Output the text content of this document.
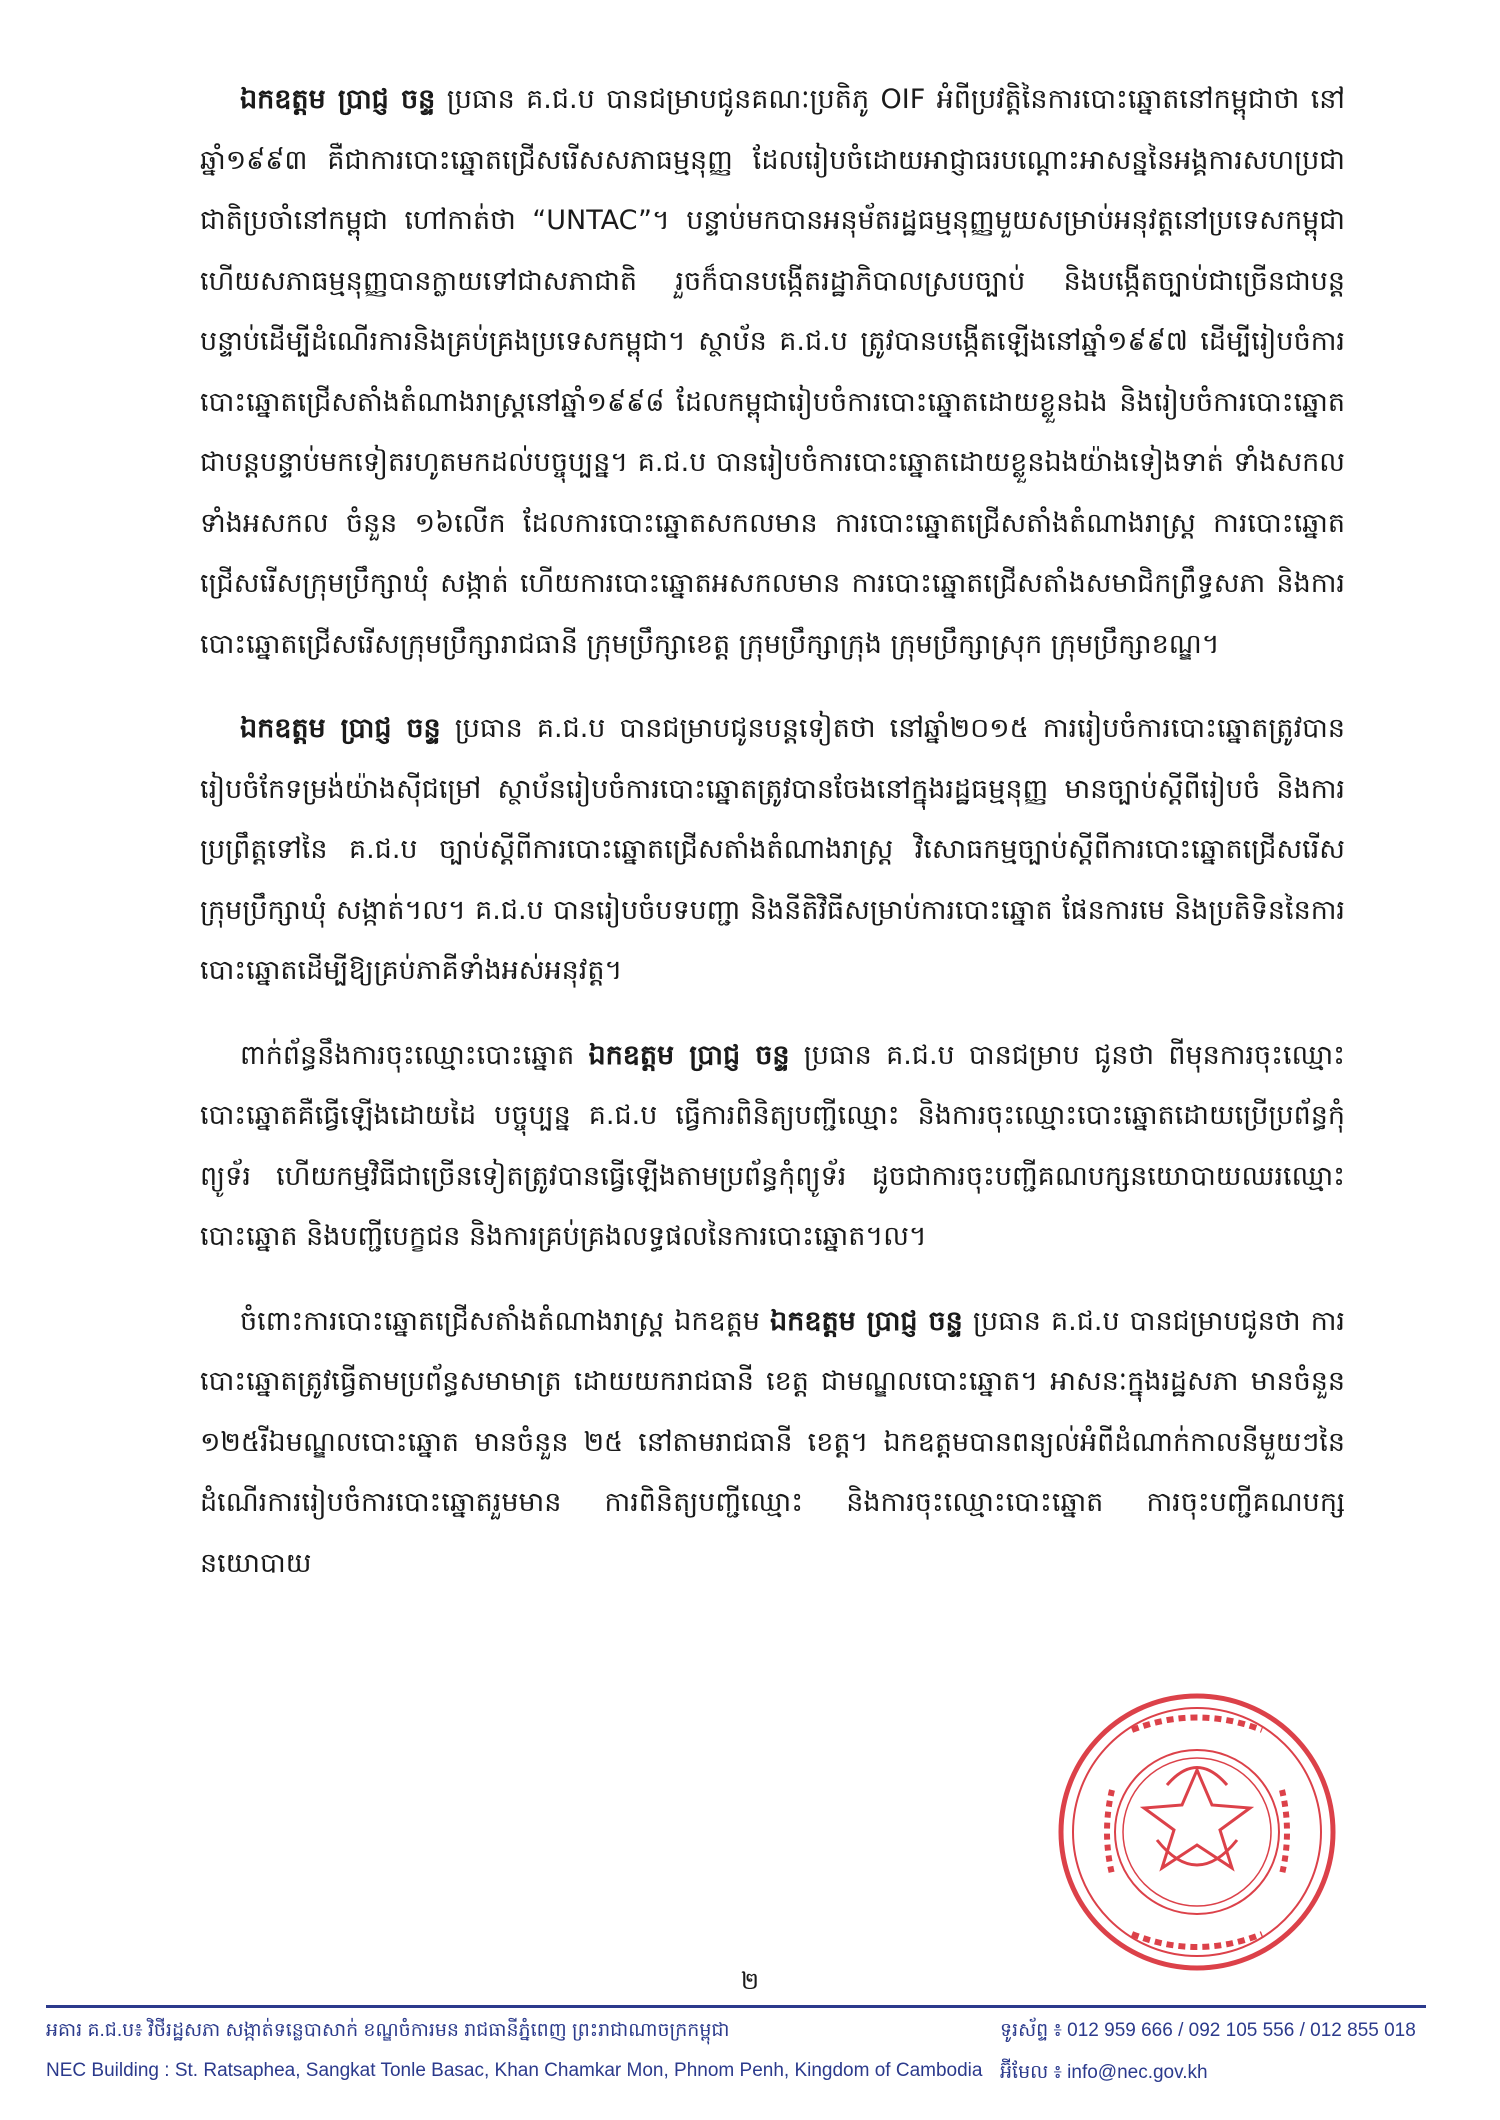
ឯកឧត្តម ប្រាជ្ញ ចន្ទ ប្រធាន គ.ជ.ប បានជម្រាបជូនគណៈប្រតិភូ OIF អំពីប្រវត្តិនៃការបោះឆ្នោតនៅកម្ពុជាថា នៅឆ្នាំ១៩៩៣ គឺជាការបោះឆ្នោតជ្រើសរើសសភាធម្មនុញ្ញ ដែលរៀបចំដោយអាជ្ញាធរបណ្ដោះអាសន្ននៃអង្គការសហប្រជាជាតិប្រចាំនៅកម្ពុជា ហៅកាត់ថា “UNTAC”។ បន្ទាប់មកបានអនុម័តរដ្ឋធម្មនុញ្ញមួយសម្រាប់អនុវត្តនៅប្រទេសកម្ពុជា ហើយសភាធម្មនុញ្ញបានក្លាយទៅជាសភាជាតិ រួចក៏បានបង្កើតរដ្ឋាភិបាលស្របច្បាប់ និងបង្កើតច្បាប់ជាច្រើនជាបន្តបន្ទាប់ដើម្បីដំណើរការនិងគ្រប់គ្រងប្រទេសកម្ពុជា។ ស្ថាប័ន គ.ជ.ប ត្រូវបានបង្កើតឡើងនៅឆ្នាំ១៩៩៧ ដើម្បីរៀបចំការបោះឆ្នោតជ្រើសតាំងតំណាងរាស្ត្រនៅឆ្នាំ១៩៩៨ ដែលកម្ពុជារៀបចំការបោះឆ្នោតដោយខ្លួនឯង និងរៀបចំការបោះឆ្នោតជាបន្តបន្ទាប់មកទៀតរហូតមកដល់បច្ចុប្បន្ន។ គ.ជ.ប បានរៀបចំការបោះឆ្នោតដោយខ្លួនឯងយ៉ាងទៀងទាត់ ទាំងសកល ទាំងអសកល ចំនួន ១៦លើក ដែលការបោះឆ្នោតសកលមាន ការបោះឆ្នោតជ្រើសតាំងតំណាងរាស្ត្រ ការបោះឆ្នោតជ្រើសរើសក្រុមប្រឹក្សាឃុំ សង្កាត់ ហើយការបោះឆ្នោតអសកលមាន ការបោះឆ្នោតជ្រើសតាំងសមាជិកព្រឹទ្ធសភា និងការបោះឆ្នោតជ្រើសរើសក្រុមប្រឹក្សារាជធានី ក្រុមប្រឹក្សាខេត្ត ក្រុមប្រឹក្សាក្រុង ក្រុមប្រឹក្សាស្រុក ក្រុមប្រឹក្សាខណ្ឌ។

ឯកឧត្តម ប្រាជ្ញ ចន្ទ ប្រធាន គ.ជ.ប បានជម្រាបជូនបន្តទៀតថា នៅឆ្នាំ២០១៥ ការរៀបចំការបោះឆ្នោតត្រូវបានរៀបចំកែទម្រង់យ៉ាងស៊ីជម្រៅ ស្ថាប័នរៀបចំការបោះឆ្នោតត្រូវបានចែងនៅក្នុងរដ្ឋធម្មនុញ្ញ មានច្បាប់ស្ដីពីរៀបចំ និងការប្រព្រឹត្តទៅនៃ គ.ជ.ប ច្បាប់ស្ដីពីការបោះឆ្នោតជ្រើសតាំងតំណាងរាស្ត្រ វិសោធកម្មច្បាប់ស្ដីពីការបោះឆ្នោតជ្រើសរើសក្រុមប្រឹក្សាឃុំ សង្កាត់។ល។ គ.ជ.ប បានរៀបចំបទបញ្ជា និងនីតិវិធីសម្រាប់ការបោះឆ្នោត ផែនការមេ និងប្រតិទិននៃការបោះឆ្នោតដើម្បីឱ្យគ្រប់ភាគីទាំងអស់អនុវត្ត។

ពាក់ព័ន្ធនឹងការចុះឈ្មោះបោះឆ្នោត ឯកឧត្តម ប្រាជ្ញ ចន្ទ ប្រធាន គ.ជ.ប បានជម្រាប ជូនថា ពីមុនការចុះឈ្មោះបោះឆ្នោតគឺធ្វើឡើងដោយដៃ បច្ចុប្បន្ន គ.ជ.ប ធ្វើការពិនិត្យបញ្ជីឈ្មោះ និងការចុះឈ្មោះបោះឆ្នោតដោយប្រើប្រព័ន្ធកុំព្យូទ័រ ហើយកម្មវិធីជាច្រើនទៀតត្រូវបានធ្វើឡើងតាមប្រព័ន្ធកុំព្យូទ័រ ដូចជាការចុះបញ្ជីគណបក្សនយោបាយឈរឈ្មោះបោះឆ្នោត និងបញ្ជីបេក្ខជន និងការគ្រប់គ្រងលទ្ធផលនៃការបោះឆ្នោត។ល។

ចំពោះការបោះឆ្នោតជ្រើសតាំងតំណាងរាស្ត្រ ឯកឧត្តម ឯកឧត្តម ប្រាជ្ញ ចន្ទ ប្រធាន គ.ជ.ប បានជម្រាបជូនថា ការបោះឆ្នោតត្រូវធ្វើតាមប្រព័ន្ធសមាមាត្រ ដោយយករាជធានី ខេត្ត ជាមណ្ឌលបោះឆ្នោត។ អាសនៈក្នុងរដ្ឋសភា មានចំនួន ១២៥រីឯមណ្ឌលបោះឆ្នោត មានចំនួន ២៥ នៅតាមរាជធានី ខេត្ត។ ឯកឧត្តមបានពន្យល់អំពីដំណាក់កាលនីមួយៗនៃដំណើរការរៀបចំការបោះឆ្នោតរួមមាន ការពិនិត្យបញ្ជីឈ្មោះ និងការចុះឈ្មោះបោះឆ្នោត ការចុះបញ្ជីគណបក្សនយោបាយ

២
អគារ គ.ជ.ប៖ វិថីរដ្ឋសភា សង្កាត់ទន្លេបាសាក់ ខណ្ឌចំការមន រាជធានីភ្នំពេញ ព្រះរាជាណាចក្រកម្ពុជា
NEC Building : St. Ratsaphea, Sangkat Tonle Basac, Khan Chamkar Mon, Phnom Penh, Kingdom of Cambodia
ទូរស័ព្ទ ៖ 012 959 666 / 092 105 556 / 012 855 018
អ៊ីមែល ៖ info@nec.gov.kh
